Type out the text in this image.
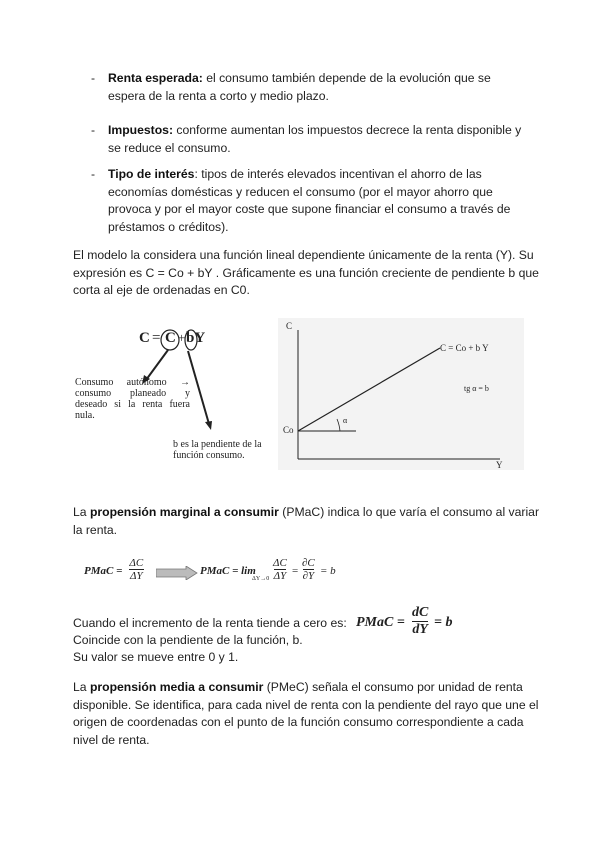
- Renta esperada: el consumo también depende de la evolución que se espera de la renta a corto y medio plazo.
- Impuestos: conforme aumentan los impuestos decrece la renta disponible y se reduce el consumo.
- Tipo de interés: tipos de interés elevados incentivan el ahorro de las economías domésticas y reducen el consumo (por el mayor ahorro que provoca y por el mayor coste que supone financiar el consumo a través de préstamos o créditos).
El modelo la considera una función lineal dependiente únicamente de la renta (Y). Su expresión es C = Co + bY . Gráficamente es una función creciente de pendiente b que corta al eje de ordenadas en C0.
C = C + bY
Consumo autónomo → consumo planeado y deseado si la renta fuera nula.
b es la pendiente de la función consumo.
C
Y
Co
C = Co + b Y
tg α = b
α
La propensión marginal a consumir (PMaC) indica lo que varía el consumo al variar la renta.
PMaC =
ΔC
ΔY	PMaC = lim
ΔY→0
ΔC
ΔY =
∂C
∂Y = b
Cuando el incremento de la renta tiende a cero es:
Coincide con la pendiente de la función, b.
Su valor se mueve entre 0 y 1.
PMaC =
dC
dY = b
La propensión media a consumir (PMeC) señala el consumo por unidad de renta disponible. Se identifica, para cada nivel de renta con la pendiente del rayo que une el origen de coordenadas con el punto de la función consumo correspondiente a cada nivel de renta.
